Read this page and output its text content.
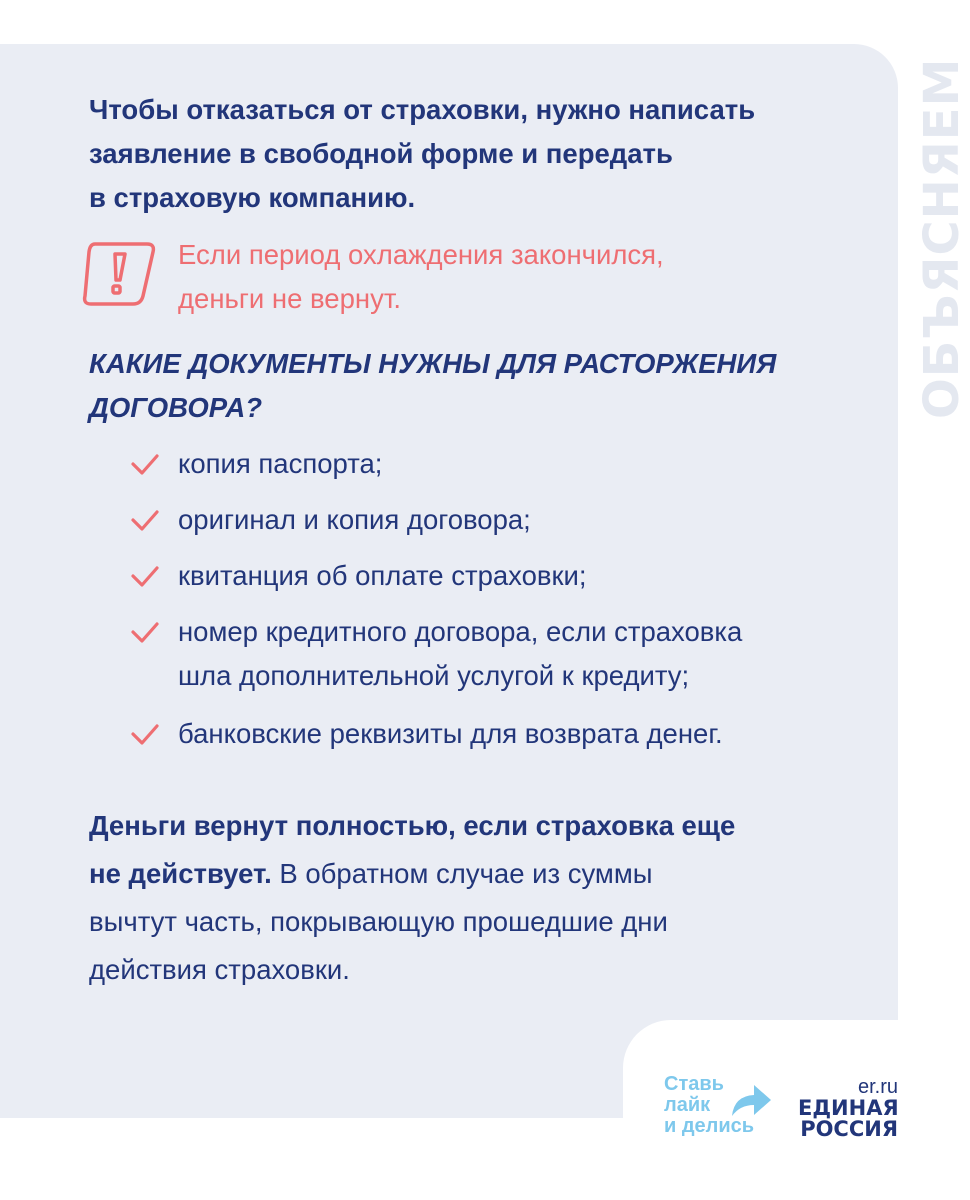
ОБЪЯСНЯЕМ

Чтобы отказаться от страховки, нужно написать
заявление в свободной форме и передать
в страховую компанию.

Если период охлаждения закончился,
деньги не вернут.

КАКИЕ ДОКУМЕНТЫ НУЖНЫ ДЛЯ РАСТОРЖЕНИЯ
ДОГОВОРА?
копия паспорта;
оригинал и копия договора;
квитанция об оплате страховки;
номер кредитного договора, если страховка
шла дополнительной услугой к кредиту;
банковские реквизиты для возврата денег.

Деньги вернут полностью, если страховка еще
не действует. В обратном случае из суммы
вычтут часть, покрывающую прошедшие дни
действия страховки.

Ставь
лайк
и делись
er.ru
ЕДИНАЯ
РОССИЯ
